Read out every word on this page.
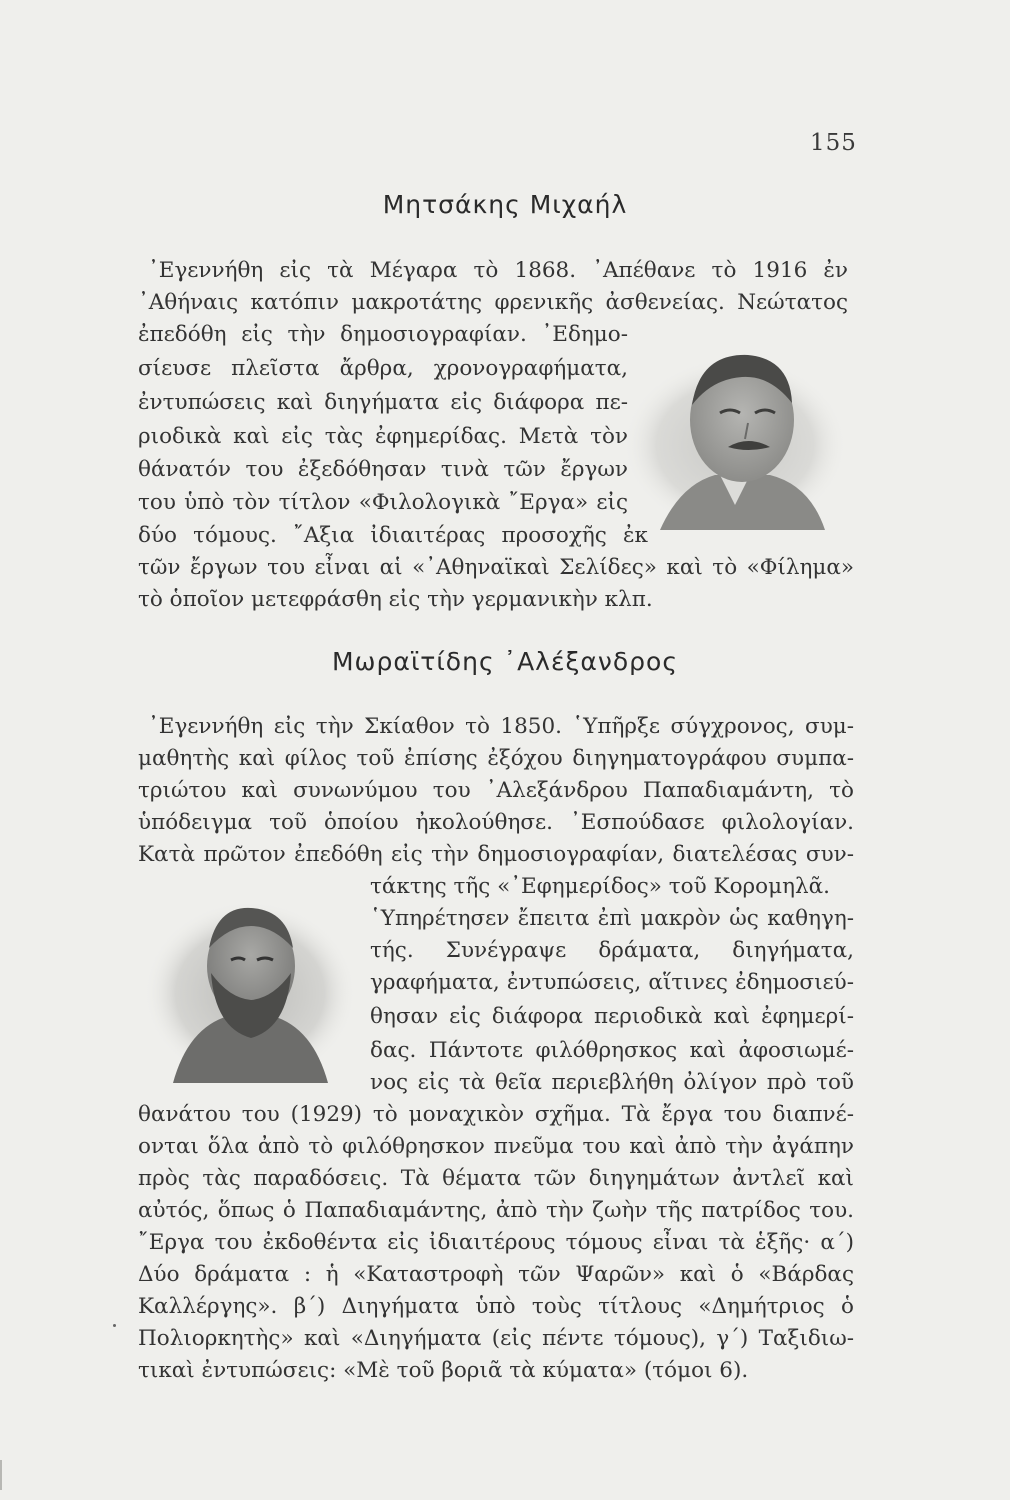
155
Μητσάκης Μιχαήλ
᾿Εγεννήθη εἰς τὰ Μέγαρα τὸ 1868. ᾿Απέθανε τὸ 1916 ἐν
᾿Αθήναις κατόπιν μακροτάτης φρενικῆς ἀσθενείας. Νεώτατος
ἐπεδόθη εἰς τὴν δημοσιογραφίαν. ᾿Εδημο-
σίευσε πλεῖστα ἄρθρα, χρονογραφήματα,
ἐντυπώσεις καὶ διηγήματα εἰς διάφορα πε-
ριοδικὰ καὶ εἰς τὰς ἐφημερίδας. Μετὰ τὸν
θάνατόν του ἐξεδόθησαν τινὰ τῶν ἔργων
του ὑπὸ τὸν τίτλον «Φιλολογικὰ ῎Εργα» εἰς
δύο τόμους. ῎Αξια ἰδιαιτέρας προσοχῆς ἐκ
τῶν ἔργων του εἶναι αἱ «᾿Αθηναϊκαὶ Σελίδες» καὶ τὸ «Φίλημα»
τὸ ὁποῖον μετεφράσθη εἰς τὴν γερμανικὴν κλπ.
Μωραϊτίδης ᾿Αλέξανδρος
᾿Εγεννήθη εἰς τὴν Σκίαθον τὸ 1850. ῾Υπῆρξε σύγχρονος, συμ-
μαθητὴς καὶ φίλος τοῦ ἐπίσης ἐξόχου διηγηματογράφου συμπα-
τριώτου καὶ συνωνύμου του ᾿Αλεξάνδρου Παπαδιαμάντη, τὸ
ὑπόδειγμα τοῦ ὁποίου ἠκολούθησε. ᾿Εσπούδασε φιλολογίαν.
Κατὰ πρῶτον ἐπεδόθη εἰς τὴν δημοσιογραφίαν, διατελέσας συν-
τάκτης τῆς «᾿Εφημερίδος» τοῦ Κορομηλᾶ.
῾Υπηρέτησεν ἔπειτα ἐπὶ μακρὸν ὡς καθηγη-
τής. Συνέγραψε δράματα, διηγήματα,
γραφήματα, ἐντυπώσεις, αἵτινες ἐδημοσιεύ-
θησαν εἰς διάφορα περιοδικὰ καὶ ἐφημερί-
δας. Πάντοτε φιλόθρησκος καὶ ἀφοσιωμέ-
νος εἰς τὰ θεῖα περιεβλήθη ὀλίγον πρὸ τοῦ
θανάτου του (1929) τὸ μοναχικὸν σχῆμα. Τὰ ἔργα του διαπνέ-
ονται ὅλα ἀπὸ τὸ φιλόθρησκον πνεῦμα του καὶ ἀπὸ τὴν ἀγάπην
πρὸς τὰς παραδόσεις. Τὰ θέματα τῶν διηγημάτων ἀντλεῖ καὶ
αὐτός, ὅπως ὁ Παπαδιαμάντης, ἀπὸ τὴν ζωὴν τῆς πατρίδος του.
῎Εργα του ἐκδοθέντα εἰς ἰδιαιτέρους τόμους εἶναι τὰ ἑξῆς· α΄)
Δύο δράματα : ἡ «Καταστροφὴ τῶν Ψαρῶν» καὶ ὁ «Βάρδας
Καλλέργης». β΄) Διηγήματα ὑπὸ τοὺς τίτλους «Δημήτριος ὁ
Πολιορκητὴς» καὶ «Διηγήματα (εἰς πέντε τόμους), γ΄) Ταξιδιω-
τικαὶ ἐντυπώσεις: «Μὲ τοῦ βοριᾶ τὰ κύματα» (τόμοι 6).
